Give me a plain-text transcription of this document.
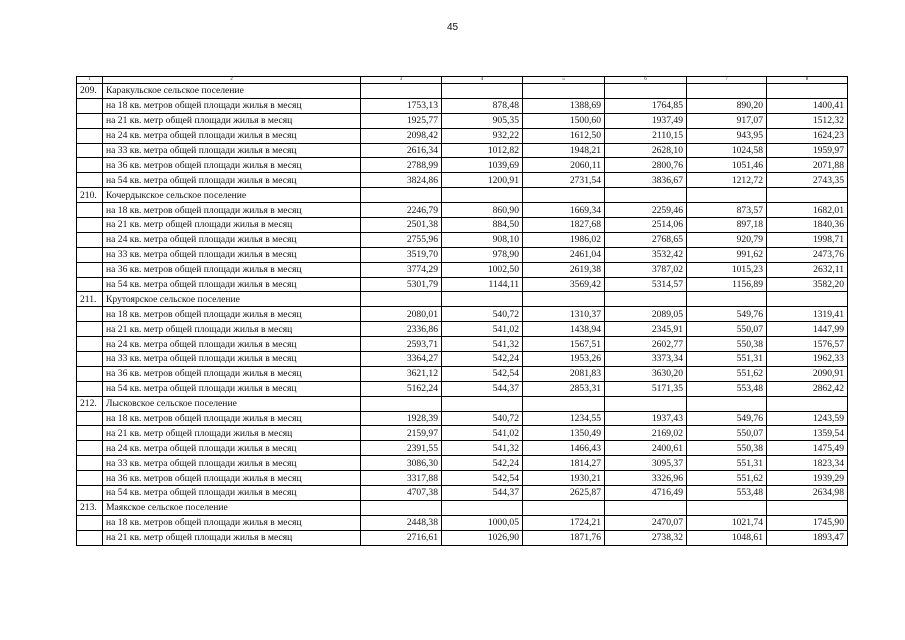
45
1	2	3	4	5	6	7	8
209.	Каракульское сельское поселение						
	на 18 кв. метров общей площади жилья в месяц	1753,13	878,48	1388,69	1764,85	890,20	1400,41
	на 21 кв. метр общей площади жилья в месяц	1925,77	905,35	1500,60	1937,49	917,07	1512,32
	на 24 кв. метра общей площади жилья в месяц	2098,42	932,22	1612,50	2110,15	943,95	1624,23
	на 33 кв. метра общей площади жилья в месяц	2616,34	1012,82	1948,21	2628,10	1024,58	1959,97
	на 36 кв. метров общей площади жилья в месяц	2788,99	1039,69	2060,11	2800,76	1051,46	2071,88
	на 54 кв. метра общей площади жилья в месяц	3824,86	1200,91	2731,54	3836,67	1212,72	2743,35
210.	Кочердыкское сельское поселение						
	на 18 кв. метров общей площади жилья в месяц	2246,79	860,90	1669,34	2259,46	873,57	1682,01
	на 21 кв. метр общей площади жилья в месяц	2501,38	884,50	1827,68	2514,06	897,18	1840,36
	на 24 кв. метра общей площади жилья в месяц	2755,96	908,10	1986,02	2768,65	920,79	1998,71
	на 33 кв. метра общей площади жилья в месяц	3519,70	978,90	2461,04	3532,42	991,62	2473,76
	на 36 кв. метров общей площади жилья в месяц	3774,29	1002,50	2619,38	3787,02	1015,23	2632,11
	на 54 кв. метра общей площади жилья в месяц	5301,79	1144,11	3569,42	5314,57	1156,89	3582,20
211.	Крутоярское сельское поселение						
	на 18 кв. метров общей площади жилья в месяц	2080,01	540,72	1310,37	2089,05	549,76	1319,41
	на 21 кв. метр общей площади жилья в месяц	2336,86	541,02	1438,94	2345,91	550,07	1447,99
	на 24 кв. метра общей площади жилья в месяц	2593,71	541,32	1567,51	2602,77	550,38	1576,57
	на 33 кв. метра общей площади жилья в месяц	3364,27	542,24	1953,26	3373,34	551,31	1962,33
	на 36 кв. метров общей площади жилья в месяц	3621,12	542,54	2081,83	3630,20	551,62	2090,91
	на 54 кв. метра общей площади жилья в месяц	5162,24	544,37	2853,31	5171,35	553,48	2862,42
212.	Лысковское сельское поселение						
	на 18 кв. метров общей площади жилья в месяц	1928,39	540,72	1234,55	1937,43	549,76	1243,59
	на 21 кв. метр общей площади жилья в месяц	2159,97	541,02	1350,49	2169,02	550,07	1359,54
	на 24 кв. метра общей площади жилья в месяц	2391,55	541,32	1466,43	2400,61	550,38	1475,49
	на 33 кв. метра общей площади жилья в месяц	3086,30	542,24	1814,27	3095,37	551,31	1823,34
	на 36 кв. метров общей площади жилья в месяц	3317,88	542,54	1930,21	3326,96	551,62	1939,29
	на 54 кв. метра общей площади жилья в месяц	4707,38	544,37	2625,87	4716,49	553,48	2634,98
213.	Маякское сельское поселение						
	на 18 кв. метров общей площади жилья в месяц	2448,38	1000,05	1724,21	2470,07	1021,74	1745,90
	на 21 кв. метр общей площади жилья в месяц	2716,61	1026,90	1871,76	2738,32	1048,61	1893,47
